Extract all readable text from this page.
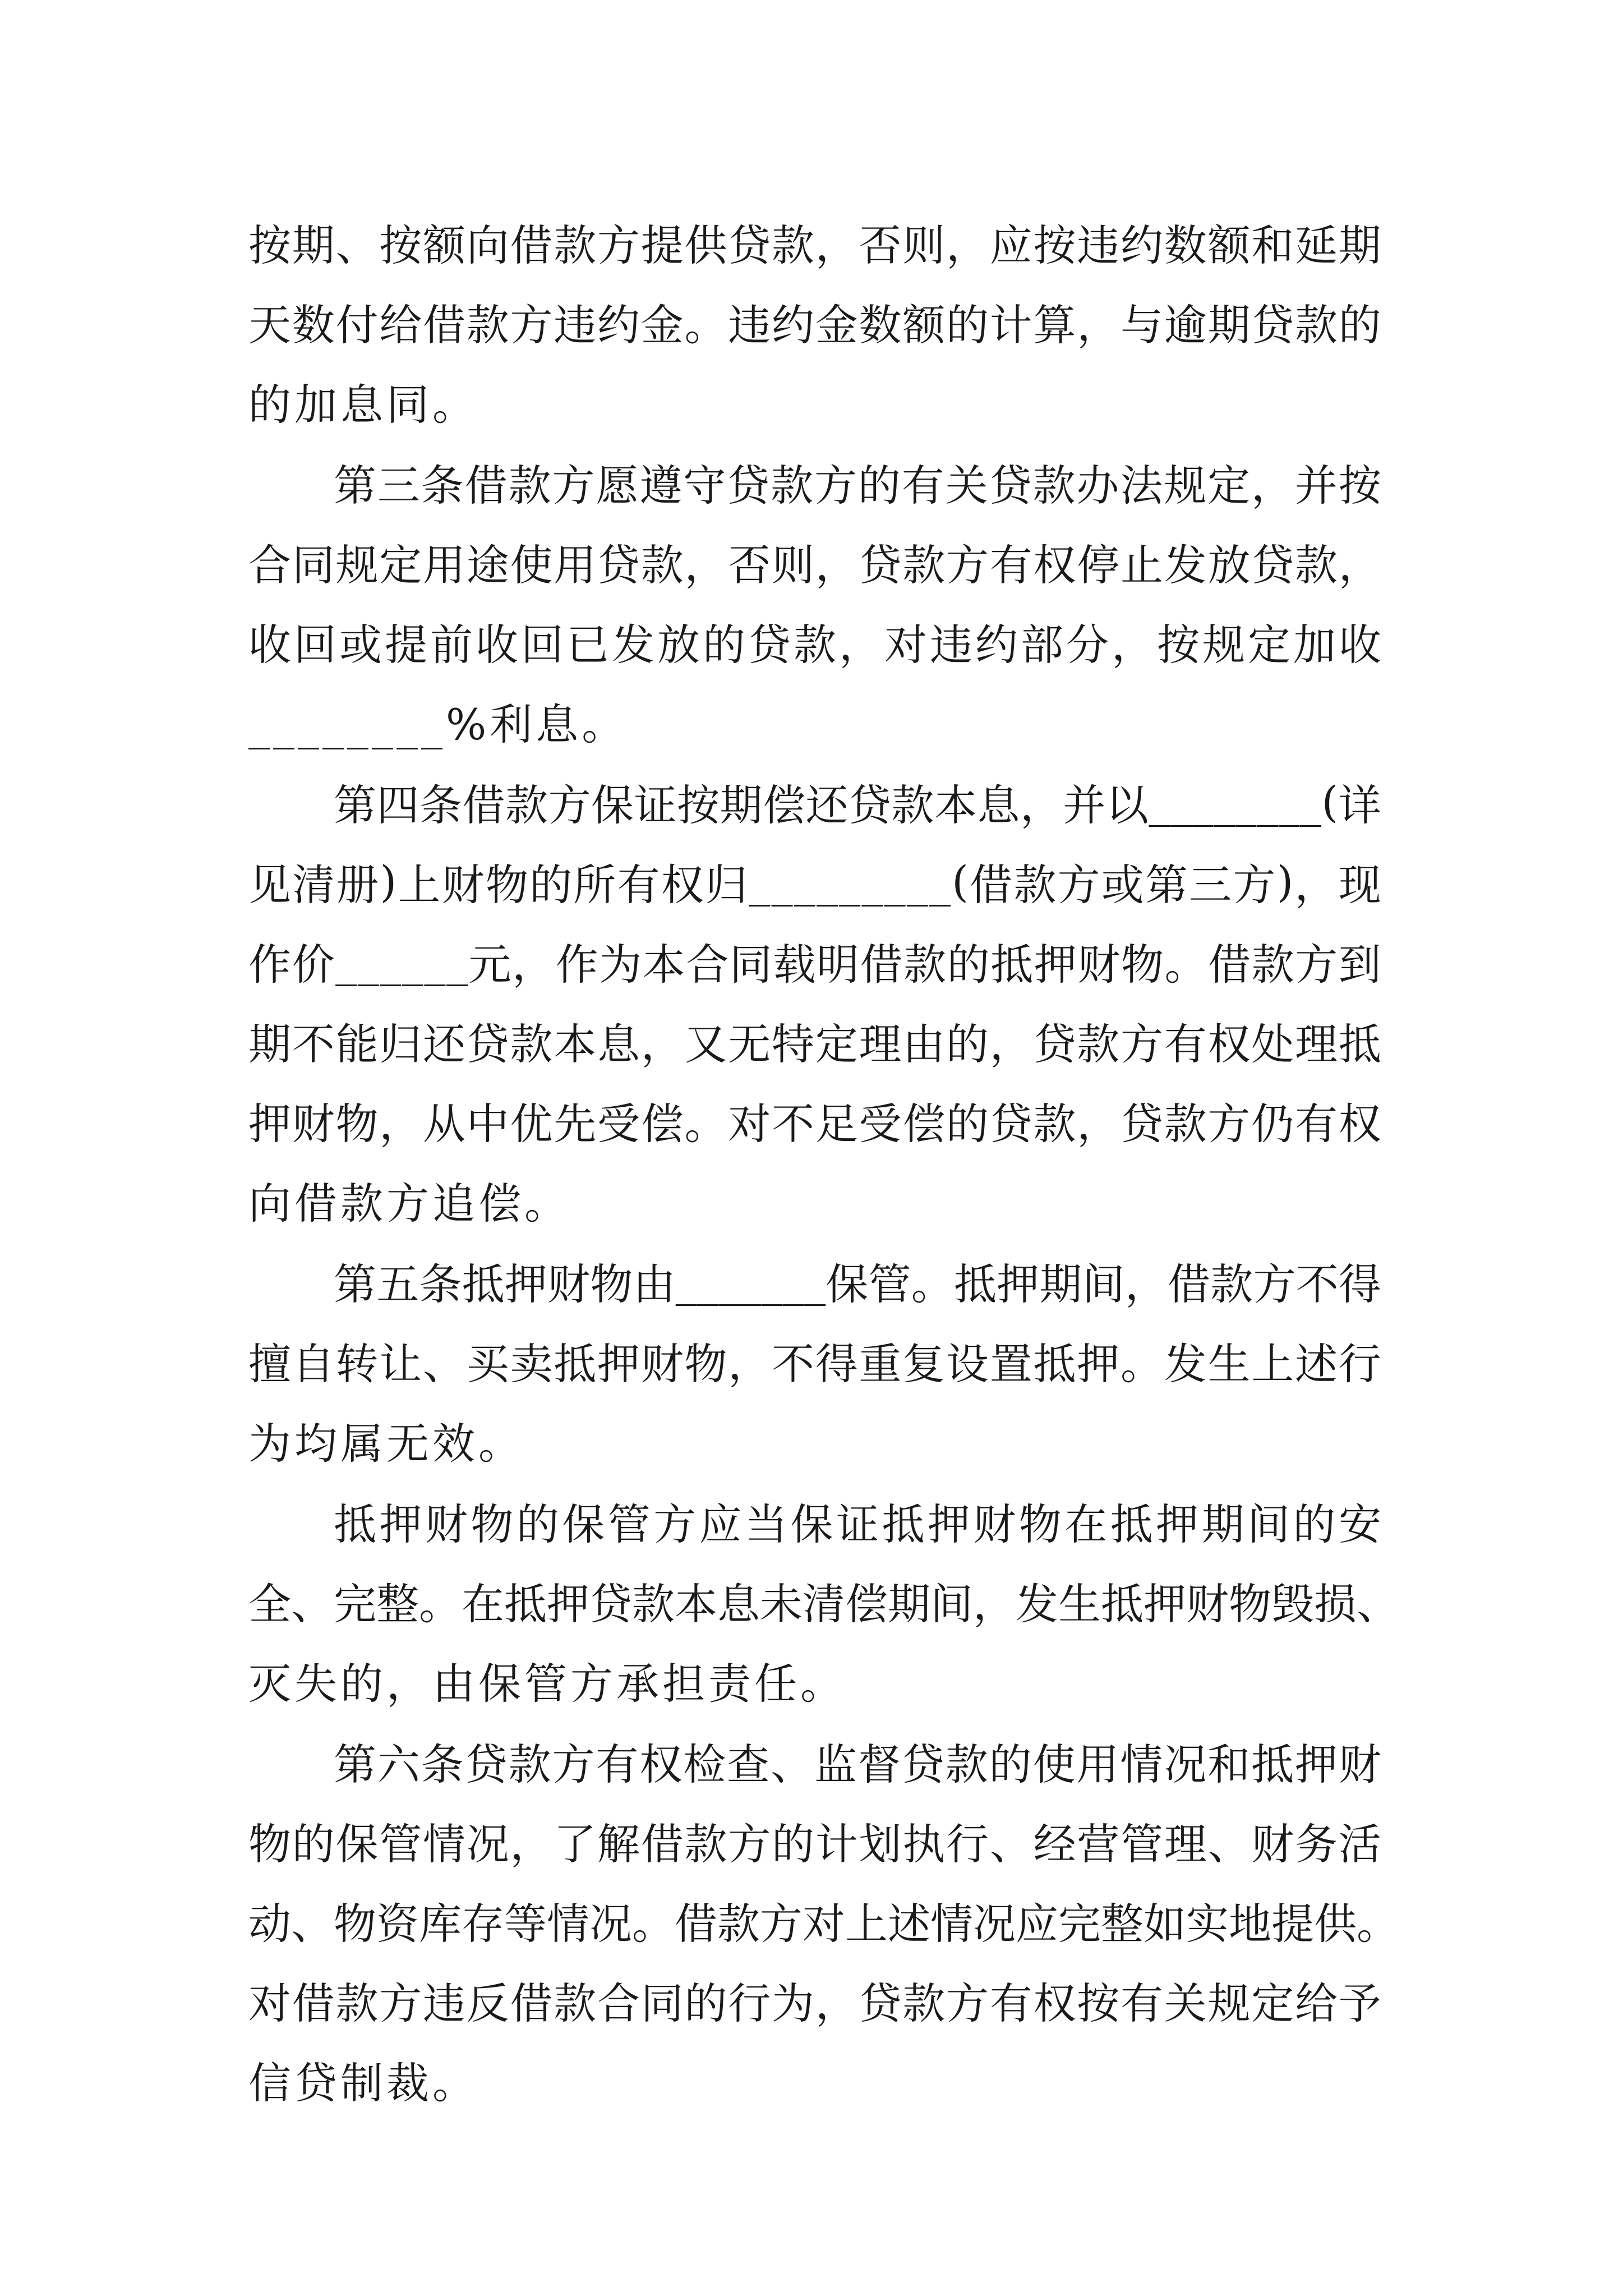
按 期 、 按 额 向 借 款 方 提 供 贷 款 ， 否 则 ， 应 按 违 约 数 额 和 延 期
天 数 付 给 借 款 方 违 约 金 。 违 约 金 数 额 的 计 算 ， 与 逾 期 贷 款 的
的加息同。
第 三 条 借 款 方 愿 遵 守 贷 款 方 的 有 关 贷 款 办 法 规 定 ， 并 按
合 同 规 定 用 途 使 用 贷 款 ， 否 则 ， 贷 款 方 有 权 停 止 发 放 贷 款 ，
收 回 或 提 前 收 回 已 发 放 的 贷 款 ， 对 违 约 部 分 ， 按 规 定 加 收
________%利息。
第 四 条 借 款 方 保 证 按 期 偿 还 贷 款 本 息 ， 并 以 _ _ _ _ _ _ _ _ ( 详
见 清 册 ) 上 财 物 的 所 有 权 归 _ _ _ _ _ _ _ _ _ ( 借 款 方 或 第 三 方 ) ， 现
作 价 _ _ _ _ _ _ 元 ， 作 为 本 合 同 载 明 借 款 的 抵 押 财 物 。 借 款 方 到
期 不 能 归 还 贷 款 本 息 ， 又 无 特 定 理 由 的 ， 贷 款 方 有 权 处 理 抵
押 财 物 ， 从 中 优 先 受 偿 。 对 不 足 受 偿 的 贷 款 ， 贷 款 方 仍 有 权
向借款方追偿。
第 五 条 抵 押 财 物 由 _ _ _ _ _ _ _ 保 管 。 抵 押 期 间 ， 借 款 方 不 得
擅 自 转 让 、 买 卖 抵 押 财 物 ， 不 得 重 复 设 置 抵 押 。 发 生 上 述 行
为均属无效。
抵 押 财 物 的 保 管 方 应 当 保 证 抵 押 财 物 在 抵 押 期 间 的 安
全 、 完 整 。 在 抵 押 贷 款 本 息 未 清 偿 期 间 ， 发 生 抵 押 财 物 毁 损 、
灭失的，由保管方承担责任。
第 六 条 贷 款 方 有 权 检 查 、 监 督 贷 款 的 使 用 情 况 和 抵 押 财
物 的 保 管 情 况 ， 了 解 借 款 方 的 计 划 执 行 、 经 营 管 理 、 财 务 活
动 、 物 资 库 存 等 情 况 。 借 款 方 对 上 述 情 况 应 完 整 如 实 地 提 供 。
对 借 款 方 违 反 借 款 合 同 的 行 为 ， 贷 款 方 有 权 按 有 关 规 定 给 予
信贷制裁。
